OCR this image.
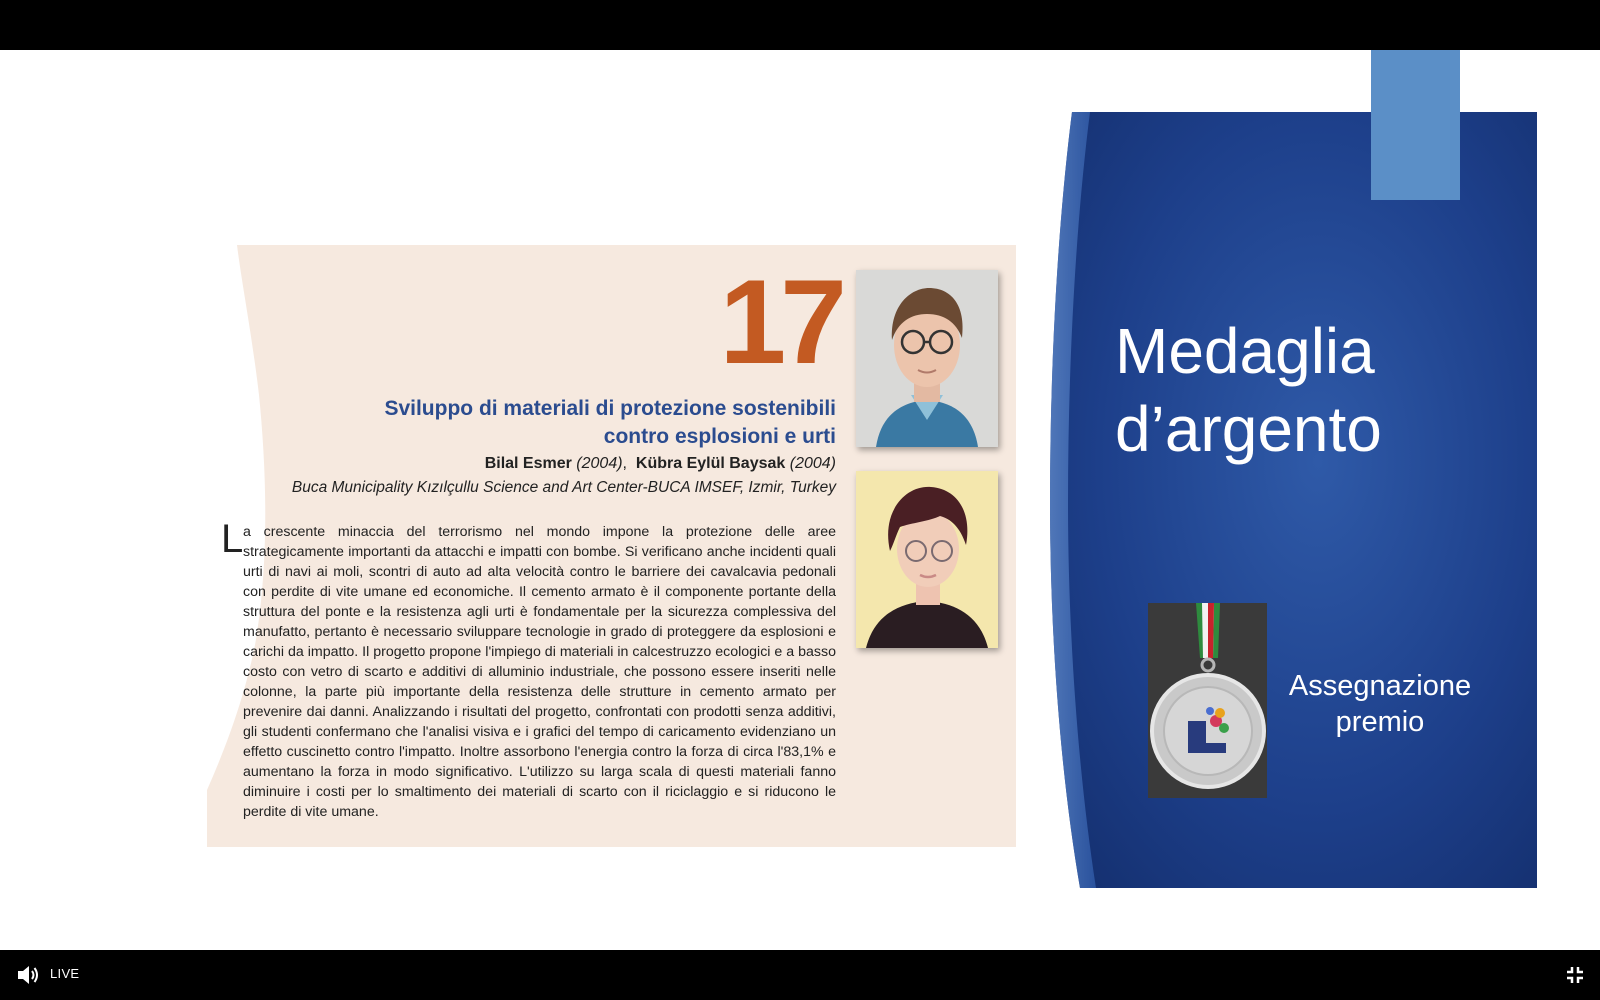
17
Sviluppo di materiali di protezione sostenibili
contro esplosioni e urti
Bilal Esmer (2004),  Kübra Eylül Baysak (2004)
Buca Municipality Kızılçullu Science and Art Center-BUCA IMSEF, Izmir, Turkey
L a crescente minaccia del terrorismo nel mondo impone la protezione delle aree strategicamente importanti da attacchi e impatti con bombe. Si verificano anche incidenti quali urti di navi ai moli, scontri di auto ad alta velocità contro le barriere dei cavalcavia pedonali con perdite di vite umane ed economiche. Il cemento armato è il componente portante della struttura del ponte e la resistenza agli urti è fondamentale per la sicurezza complessiva del manufatto, pertanto è necessario sviluppare tecnologie in grado di proteggere da esplosioni e carichi da impatto. Il progetto propone l'impiego di materiali in calcestruzzo ecologici e a basso costo con vetro di scarto e additivi di alluminio industriale, che possono essere inseriti nelle colonne, la parte più importante della resistenza delle strutture in cemento armato per prevenire dai danni. Analizzando i risultati del progetto, confrontati con prodotti senza additivi, gli studenti confermano che l'analisi visiva e i grafici del tempo di caricamento evidenziano un effetto cuscinetto contro l'impatto. Inoltre assorbono l'energia contro la forza di circa l'83,1% e aumentano la forza in modo significativo. L'utilizzo su larga scala di questi materiali fanno diminuire i costi per lo smaltimento dei materiali di scarto con il riciclaggio e si riducono le perdite di vite umane.
Medaglia
d’argento
Assegnazione
premio
LIVE
